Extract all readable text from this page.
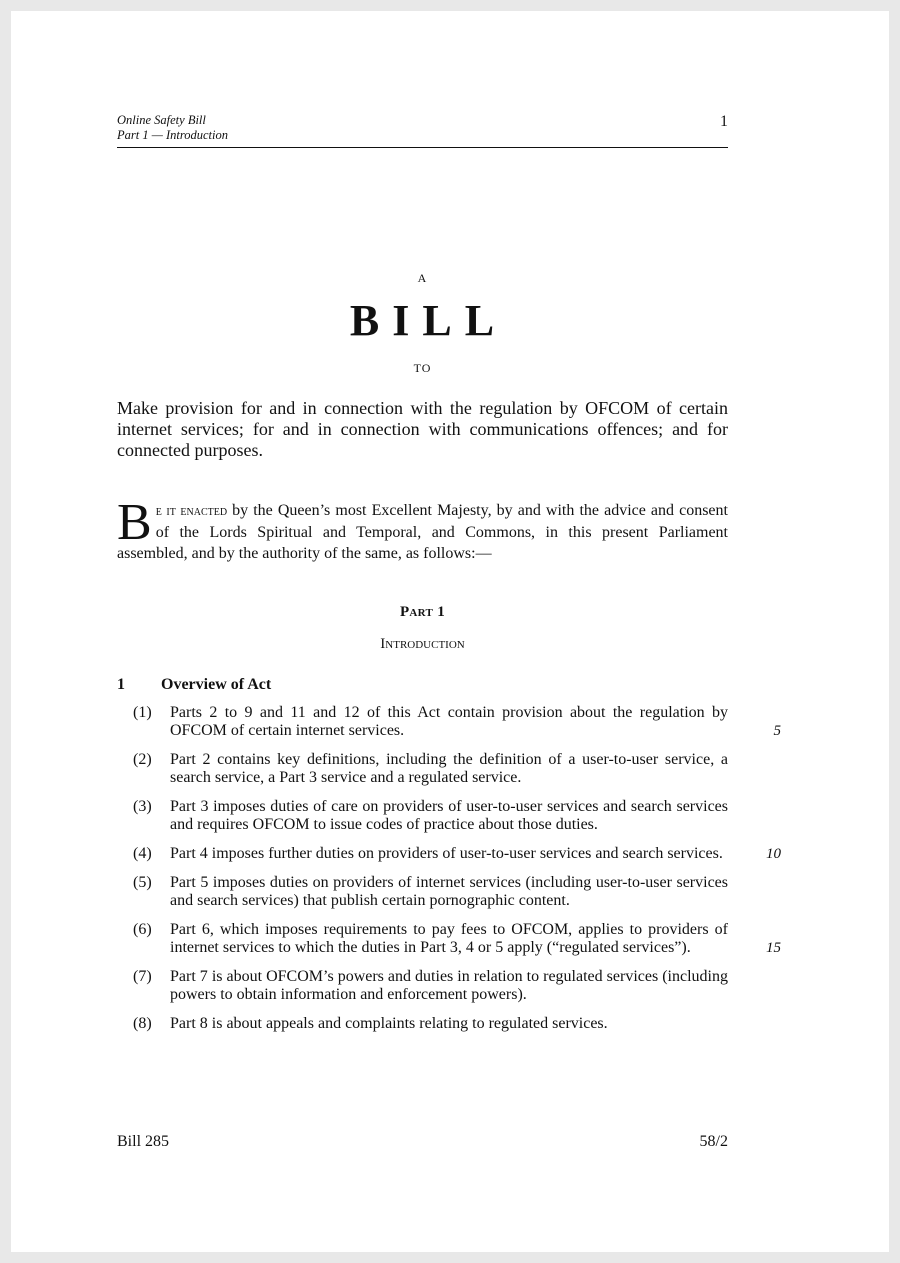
Online Safety Bill
Part 1 — Introduction
1
A
BILL
TO
Make provision for and in connection with the regulation by OFCOM of certain internet services; for and in connection with communications offences; and for connected purposes.
Be it enacted by the Queen’s most Excellent Majesty, by and with the advice and consent of the Lords Spiritual and Temporal, and Commons, in this present Parliament assembled, and by the authority of the same, as follows:—
Part 1
Introduction
1 Overview of Act
(1) Parts 2 to 9 and 11 and 12 of this Act contain provision about the regulation by OFCOM of certain internet services.	5
(2) Part 2 contains key definitions, including the definition of a user-to-user service, a search service, a Part 3 service and a regulated service.
(3) Part 3 imposes duties of care on providers of user-to-user services and search services and requires OFCOM to issue codes of practice about those duties.
(4) Part 4 imposes further duties on providers of user-to-user services and search services.	10
(5) Part 5 imposes duties on providers of internet services (including user-to-user services and search services) that publish certain pornographic content.
(6) Part 6, which imposes requirements to pay fees to OFCOM, applies to providers of internet services to which the duties in Part 3, 4 or 5 apply (“regulated services”).	15
(7) Part 7 is about OFCOM’s powers and duties in relation to regulated services (including powers to obtain information and enforcement powers).
(8) Part 8 is about appeals and complaints relating to regulated services.
Bill 285	58/2
